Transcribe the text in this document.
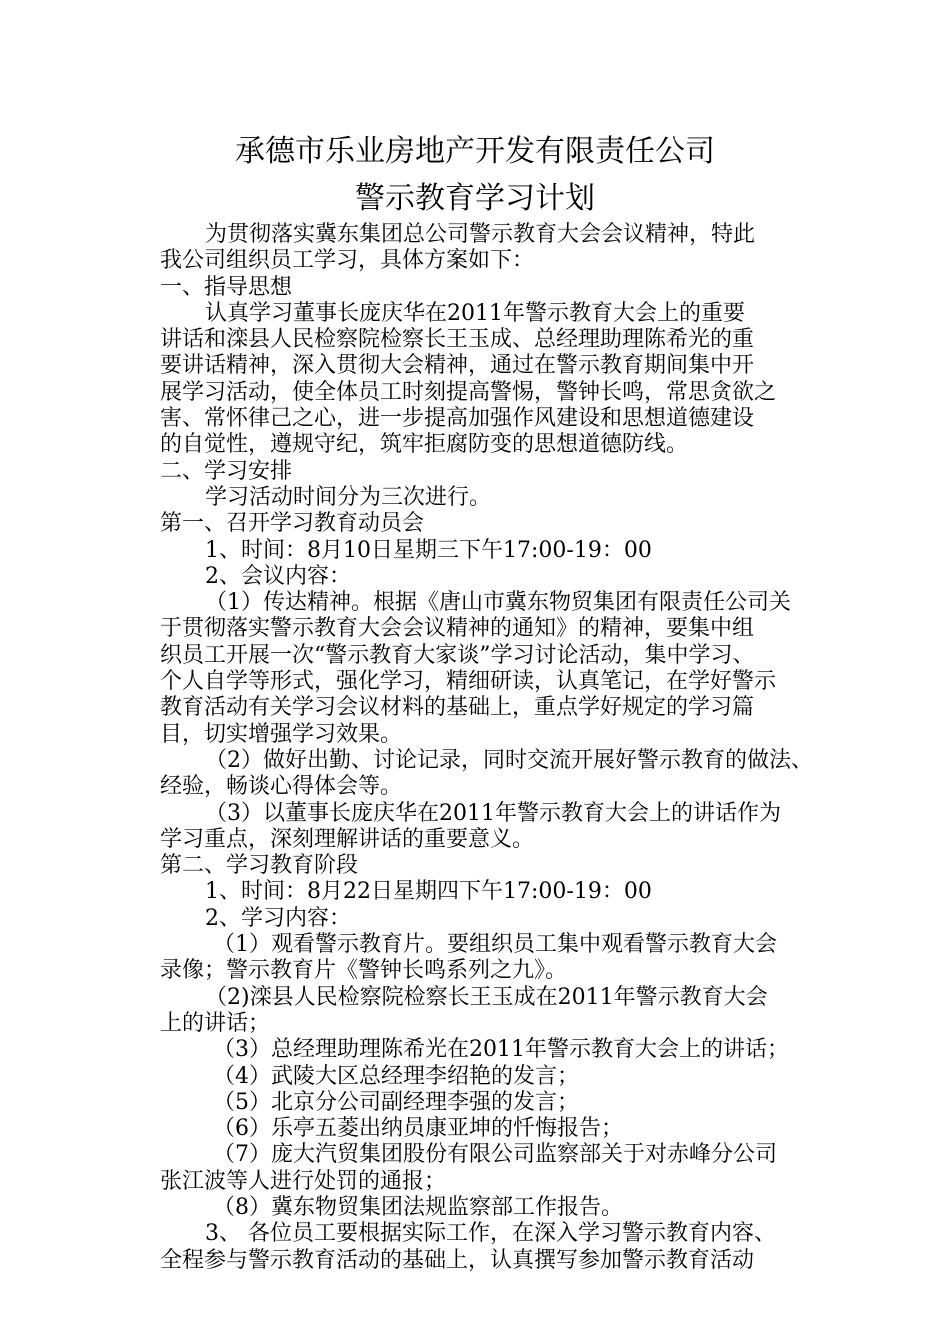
承德市乐业房地产开发有限责任公司
警示教育学习计划
为贯彻落实冀东集团总公司警示教育大会会议精神，特此
我公司组织员工学习，具体方案如下：
一、指导思想
认真学习董事长庞庆华在2011年警示教育大会上的重要
讲话和滦县人民检察院检察长王玉成、总经理助理陈希光的重
要讲话精神，深入贯彻大会精神，通过在警示教育期间集中开
展学习活动，使全体员工时刻提高警惕，警钟长鸣，常思贪欲之
害、常怀律己之心，进一步提高加强作风建设和思想道德建设
的自觉性，遵规守纪，筑牢拒腐防变的思想道德防线。
二、学习安排
学习活动时间分为三次进行。
第一、召开学习教育动员会
1、时间：8月10日星期三下午17:00-19：00
2、会议内容：
（1）传达精神。根据《唐山市冀东物贸集团有限责任公司关
于贯彻落实警示教育大会会议精神的通知》的精神，要集中组
织员工开展一次“警示教育大家谈”学习讨论活动，集中学习、
个人自学等形式，强化学习，精细研读，认真笔记，在学好警示
教育活动有关学习会议材料的基础上，重点学好规定的学习篇
目，切实增强学习效果。
（2）做好出勤、讨论记录，同时交流开展好警示教育的做法、
经验，畅谈心得体会等。
（3）以董事长庞庆华在2011年警示教育大会上的讲话作为
学习重点，深刻理解讲话的重要意义。
第二、学习教育阶段
1、时间：8月22日星期四下午17:00-19：00
2、学习内容：
（1）观看警示教育片。要组织员工集中观看警示教育大会
录像；警示教育片《警钟长鸣系列之九》。
（2)滦县人民检察院检察长王玉成在2011年警示教育大会
上的讲话；
（3）总经理助理陈希光在2011年警示教育大会上的讲话；
（4）武陵大区总经理李绍艳的发言；
（5）北京分公司副经理李强的发言；
（6）乐亭五菱出纳员康亚坤的忏悔报告；
（7）庞大汽贸集团股份有限公司监察部关于对赤峰分公司
张江波等人进行处罚的通报；
（8）冀东物贸集团法规监察部工作报告。
3、 各位员工要根据实际工作，在深入学习警示教育内容、
全程参与警示教育活动的基础上，认真撰写参加警示教育活动
